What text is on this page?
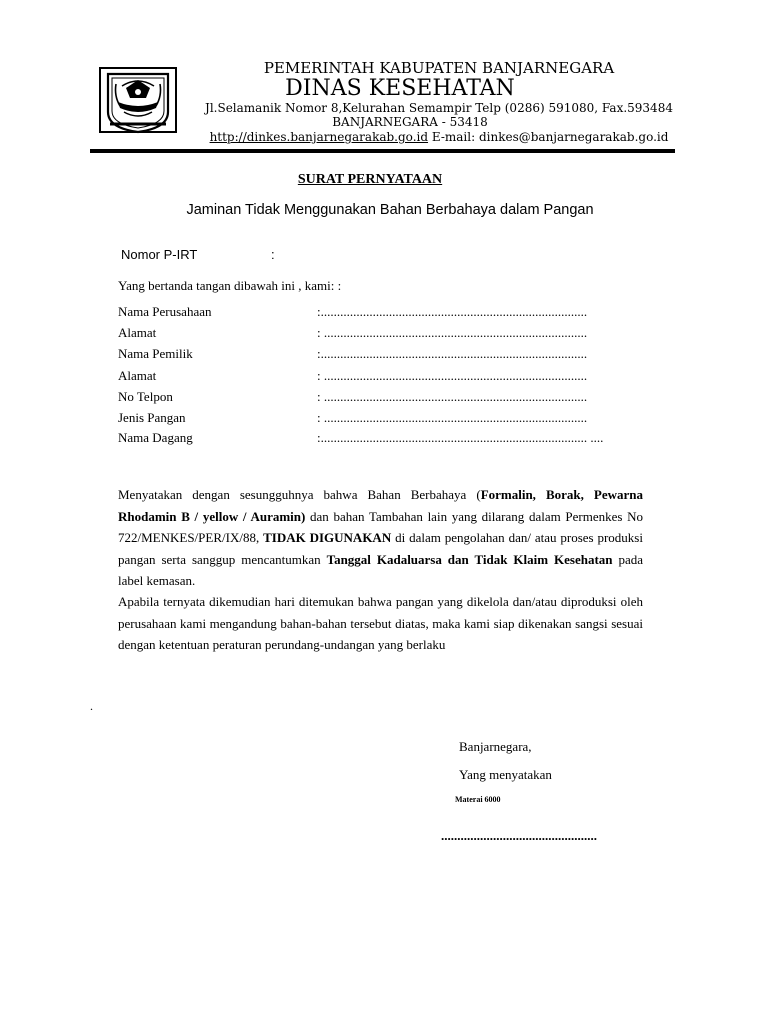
PEMERINTAH KABUPATEN BANJARNEGARA
DINAS KESEHATAN
Jl.Selamanik Nomor 8,Kelurahan Semampir Telp (0286) 591080, Fax.593484
BANJARNEGARA - 53418
http://dinkes.banjarnegarakab.go.id E-mail: dinkes@banjarnegarakab.go.id
SURAT PERNYATAAN
Jaminan Tidak Menggunakan Bahan Berbahaya dalam Pangan
Nomor P-IRT	:
Yang bertanda tangan dibawah ini , kami: :
Nama Perusahaan	:..................................................................................
Alamat	: .................................................................................
Nama Pemilik	:..................................................................................
Alamat	: .................................................................................
No Telpon	: .................................................................................
Jenis Pangan	: .................................................................................
Nama Dagang	:.................................................................................. ....
Menyatakan dengan sesungguhnya bahwa Bahan Berbahaya (Formalin, Borak, Pewarna Rhodamin B / yellow / Auramin) dan bahan Tambahan lain yang dilarang dalam Permenkes No 722/MENKES/PER/IX/88, TIDAK DIGUNAKAN di dalam pengolahan dan/ atau proses produksi pangan serta sanggup mencantumkan Tanggal Kadaluarsa dan Tidak Klaim Kesehatan pada label kemasan.
Apabila ternyata dikemudian hari ditemukan bahwa pangan yang dikelola dan/atau diproduksi oleh perusahaan kami mengandung bahan-bahan tersebut diatas, maka kami siap dikenakan sangsi sesuai dengan ketentuan peraturan perundang-undangan yang berlaku
.
Banjarnegara,
Yang menyatakan
Materai 6000
................................................
